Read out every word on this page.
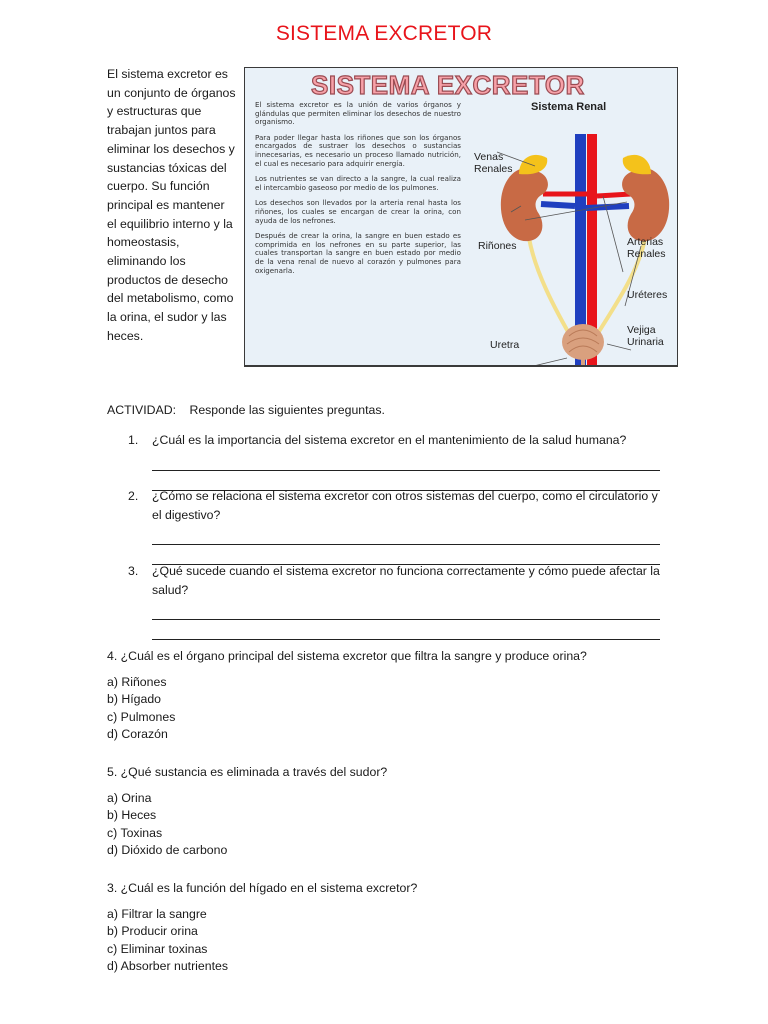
SISTEMA EXCRETOR
El sistema excretor es un conjunto de órganos y estructuras que trabajan juntos para eliminar los desechos y sustancias tóxicas del cuerpo. Su función principal es mantener el equilibrio interno y la homeostasis, eliminando los productos de desecho del metabolismo, como la orina, el sudor y las heces.
SISTEMA EXCRETOR

El sistema excretor es la unión de varios órganos y glándulas que permiten eliminar los desechos de nuestro organismo.

Para poder llegar hasta los riñones que son los órganos encargados de sustraer los desechos o sustancias innecesarias, es necesario un proceso llamado nutrición, el cual es necesario para adquirir energía.

Los nutrientes se van directo a la sangre, la cual realiza el intercambio gaseoso por medio de los pulmones.

Los desechos son llevados por la arteria renal hasta los riñones, los cuales se encargan de crear la orina, con ayuda de los nefrones.

Después de crear la orina, la sangre en buen estado es comprimida en los nefrones en su parte superior, las cuales transportan la sangre en buen estado por medio de la vena renal de nuevo al corazón y pulmones para oxigenarla.

Sistema Renal
Venas
Renales
Riñones	Arterias
Renales
Uréteres
Vejiga
Urinaria
Uretra
ACTIVIDAD: Responde las siguientes preguntas.
1. ¿Cuál es la importancia del sistema excretor en el mantenimiento de la salud humana?
2. ¿Cómo se relaciona el sistema excretor con otros sistemas del cuerpo, como el circulatorio y el digestivo?
3. ¿Qué sucede cuando el sistema excretor no funciona correctamente y cómo puede afectar la salud?
4. ¿Cuál es el órgano principal del sistema excretor que filtra la sangre y produce orina?
a) Riñones
b) Hígado
c) Pulmones
d) Corazón
5. ¿Qué sustancia es eliminada a través del sudor?
a) Orina
b) Heces
c) Toxinas
d) Dióxido de carbono
3. ¿Cuál es la función del hígado en el sistema excretor?
a) Filtrar la sangre
b) Producir orina
c) Eliminar toxinas
d) Absorber nutrientes
